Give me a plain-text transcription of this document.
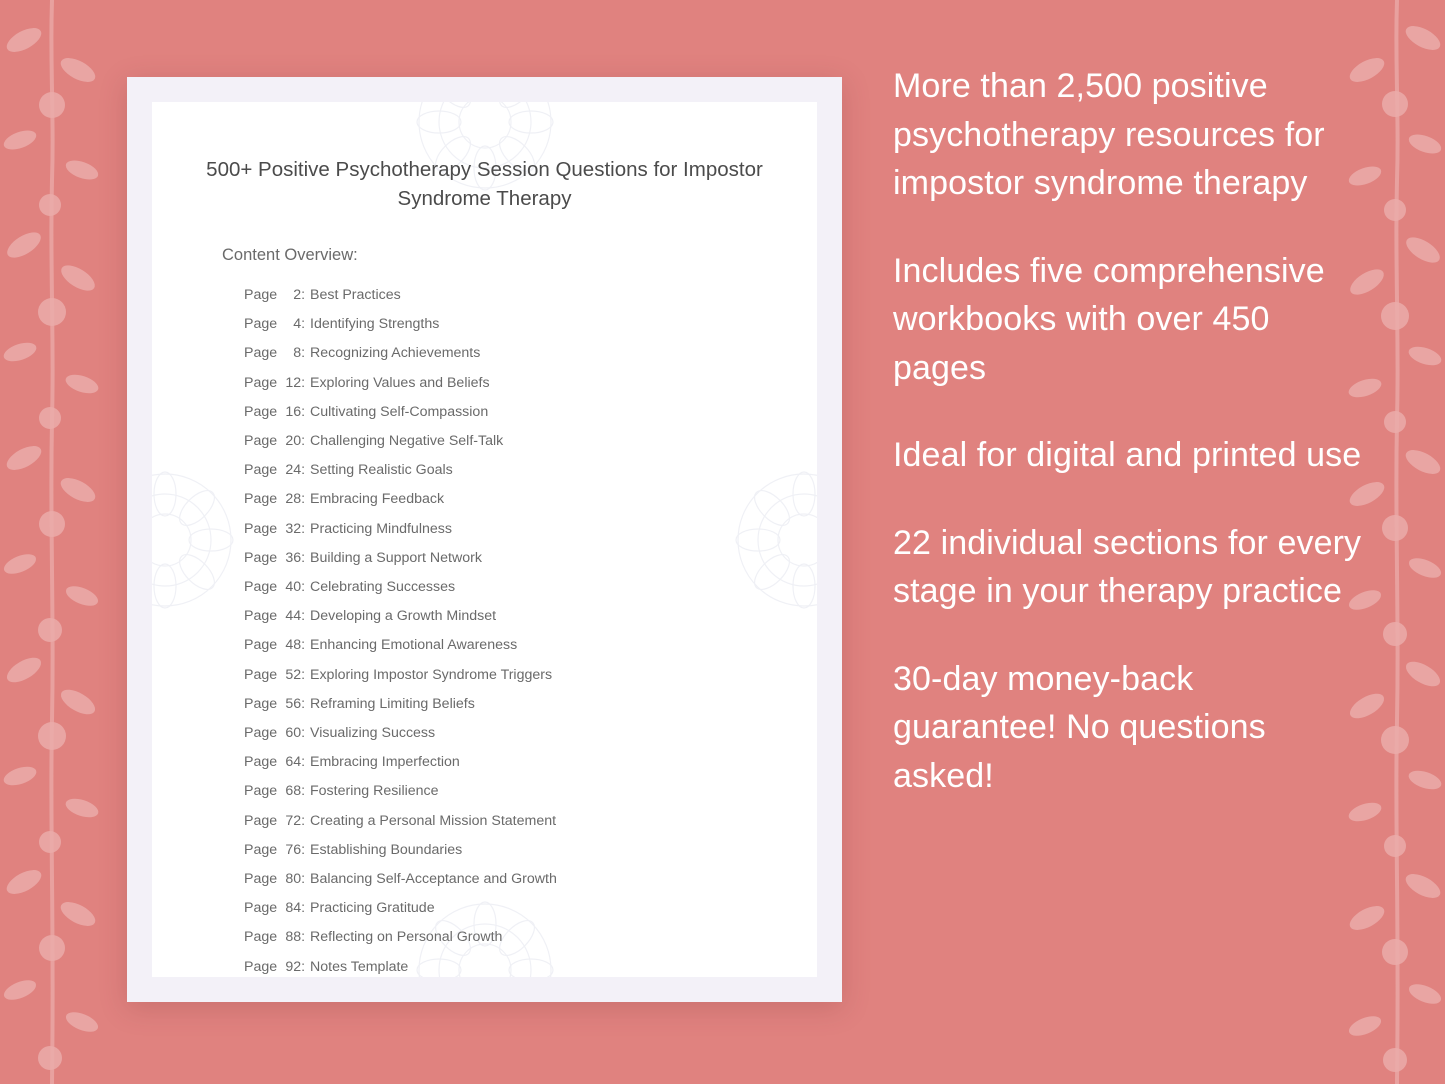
500+ Positive Psychotherapy Session Questions for Impostor Syndrome Therapy
Content Overview:
Page 2: Best Practices
Page 4: Identifying Strengths
Page 8: Recognizing Achievements
Page 12: Exploring Values and Beliefs
Page 16: Cultivating Self-Compassion
Page 20: Challenging Negative Self-Talk
Page 24: Setting Realistic Goals
Page 28: Embracing Feedback
Page 32: Practicing Mindfulness
Page 36: Building a Support Network
Page 40: Celebrating Successes
Page 44: Developing a Growth Mindset
Page 48: Enhancing Emotional Awareness
Page 52: Exploring Impostor Syndrome Triggers
Page 56: Reframing Limiting Beliefs
Page 60: Visualizing Success
Page 64: Embracing Imperfection
Page 68: Fostering Resilience
Page 72: Creating a Personal Mission Statement
Page 76: Establishing Boundaries
Page 80: Balancing Self-Acceptance and Growth
Page 84: Practicing Gratitude
Page 88: Reflecting on Personal Growth
Page 92: Notes Template
More than 2,500 positive psychotherapy resources for impostor syndrome therapy
Includes five comprehensive workbooks with over 450 pages
Ideal for digital and printed use
22 individual sections for every stage in your therapy practice
30-day money-back guarantee! No questions asked!
